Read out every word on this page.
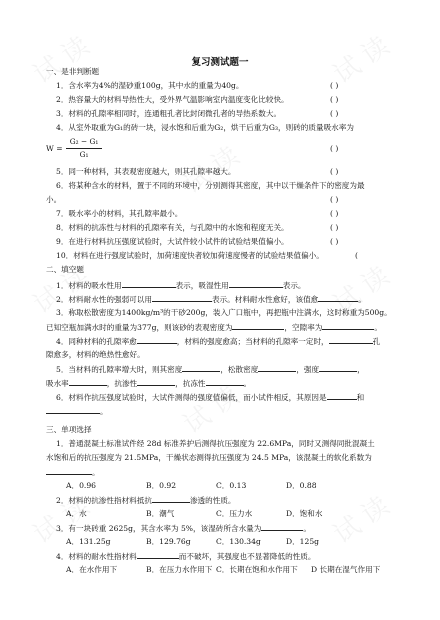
复习测试题一
一、是非判断题
1．含水率为4%的湿砂重100g，其中水的重量为40g。	( )
2．热容量大的材料导热性大，受外界气温影响室内温度变化比较快。	( )
3．材料的孔隙率相同时，连通粗孔者比封闭微孔者的导热系数大。	( )
4．从室外取重为G₁的砖一块，浸水饱和后重为G₂，烘干后重为G₃，则砖的质量吸水率为
W =
G₂ − G₁
G₁
( )
5．同一种材料，其表观密度越大，则其孔隙率越大。	( )
6．将某种含水的材料，置于不同的环境中，分别测得其密度，其中以干燥条件下的密度为最
小。	( )
7．吸水率小的材料，其孔隙率最小。	( )
8．材料的抗冻性与材料的孔隙率有关，与孔隙中的水饱和程度无关。	( )
9．在进行材料抗压强度试验时，大试件较小试件的试验结果值偏小。	( )
10．材料在进行强度试验时，加荷速度快者较加荷速度慢者的试验结果值偏小。	(
二、填空题
1．材料的吸水性用	表示，吸湿性用	表示。
2．材料耐水性的强弱可以用	表示。材料耐水性愈好，该值愈	。
3．称取松散密度为1400kg/m³的干砂200g，装入广口瓶中，再把瓶中注满水，这时称重为500g。
已知空瓶加满水时的重量为377g，则该砂的表观密度为	，空隙率为	。
4．同种材料的孔隙率愈	，材料的强度愈高；当材料的孔隙率一定时，	孔
隙愈多，材料的绝热性愈好。
5．当材料的孔隙率增大时，则其密度	，松散密度	，强度	，
吸水率	，抗渗性	，抗冻性	。
6．材料作抗压强度试验时，大试件测得的强度值偏低，而小试件相反，其原因是	和
。
三、单项选择
1．普通混凝土标准试件经 28d 标准养护后测得抗压强度为 22.6MPa，同时又测得同批混凝土
水饱和后的抗压强度为 21.5MPa，干燥状态测得抗压强度为 24.5 MPa，该混凝土的软化系数为
。
A．0.96	B．0.92	C．0.13	D．0.88
2．材料的抗渗性指材料抵抗	渗透的性质。
A．水	B．潮气	C．压力水	D．饱和水
3．有一块砖重 2625g，其含水率为 5%，该湿砖所含水量为	。
A．131.25g	B．129.76g	C．130.34g	D．125g
4．材料的耐水性指材料	而不破坏，其强度也不显著降低的性质。
A．在水作用下	B．在压力水作用下 C．长期在饱和水作用下 D 长期在湿气作用下
